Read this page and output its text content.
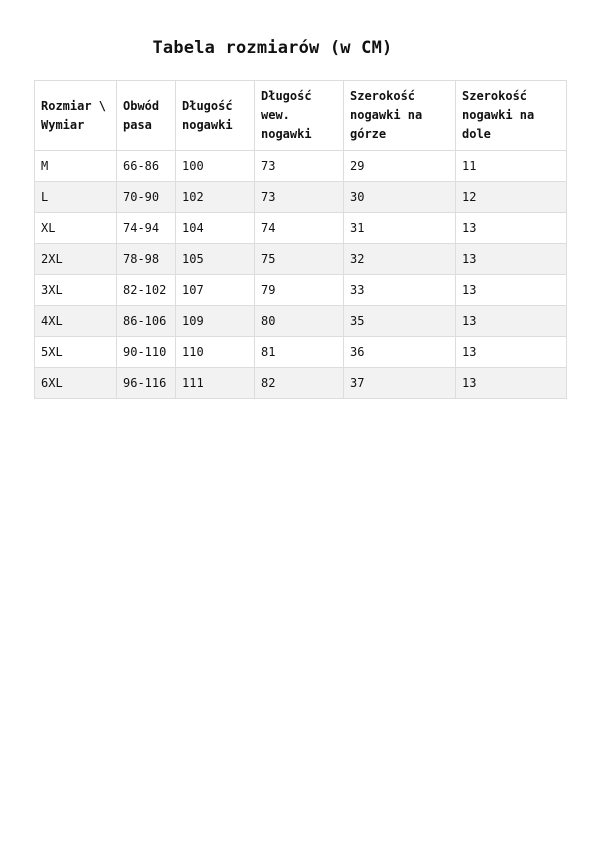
Tabela rozmiarów (w CM)
Rozmiar \ Wymiar	Obwód pasa	Długość nogawki	Długość wew. nogawki	Szerokość nogawki na górze	Szerokość nogawki na dole
M	66-86	100	73	29	11
L	70-90	102	73	30	12
XL	74-94	104	74	31	13
2XL	78-98	105	75	32	13
3XL	82-102	107	79	33	13
4XL	86-106	109	80	35	13
5XL	90-110	110	81	36	13
6XL	96-116	111	82	37	13
